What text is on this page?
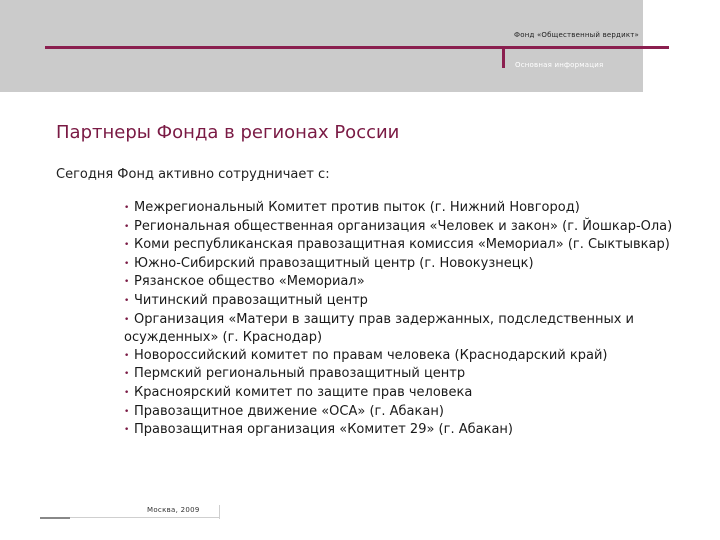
Фонд «Общественный вердикт»
Основная информация
Партнеры Фонда в регионах России

Сегодня Фонд активно сотрудничает с:

• Межрегиональный Комитет против пыток (г. Нижний Новгород)
• Региональная общественная организация «Человек и закон» (г. Йошкар-Ола)
• Коми республиканская правозащитная комиссия «Мемориал» (г. Сыктывкар)
• Южно-Сибирский правозащитный центр (г. Новокузнецк)
• Рязанское общество «Мемориал»
• Читинский правозащитный центр
• Организация «Матери в защиту прав задержанных, подследственных и осужденных» (г. Краснодар)
• Новороссийский комитет по правам человека (Краснодарский край)
• Пермский региональный правозащитный центр
• Красноярский комитет по защите прав человека
• Правозащитное движение «ОСА» (г. Абакан)
• Правозащитная организация «Комитет 29» (г. Абакан)
Москва, 2009
